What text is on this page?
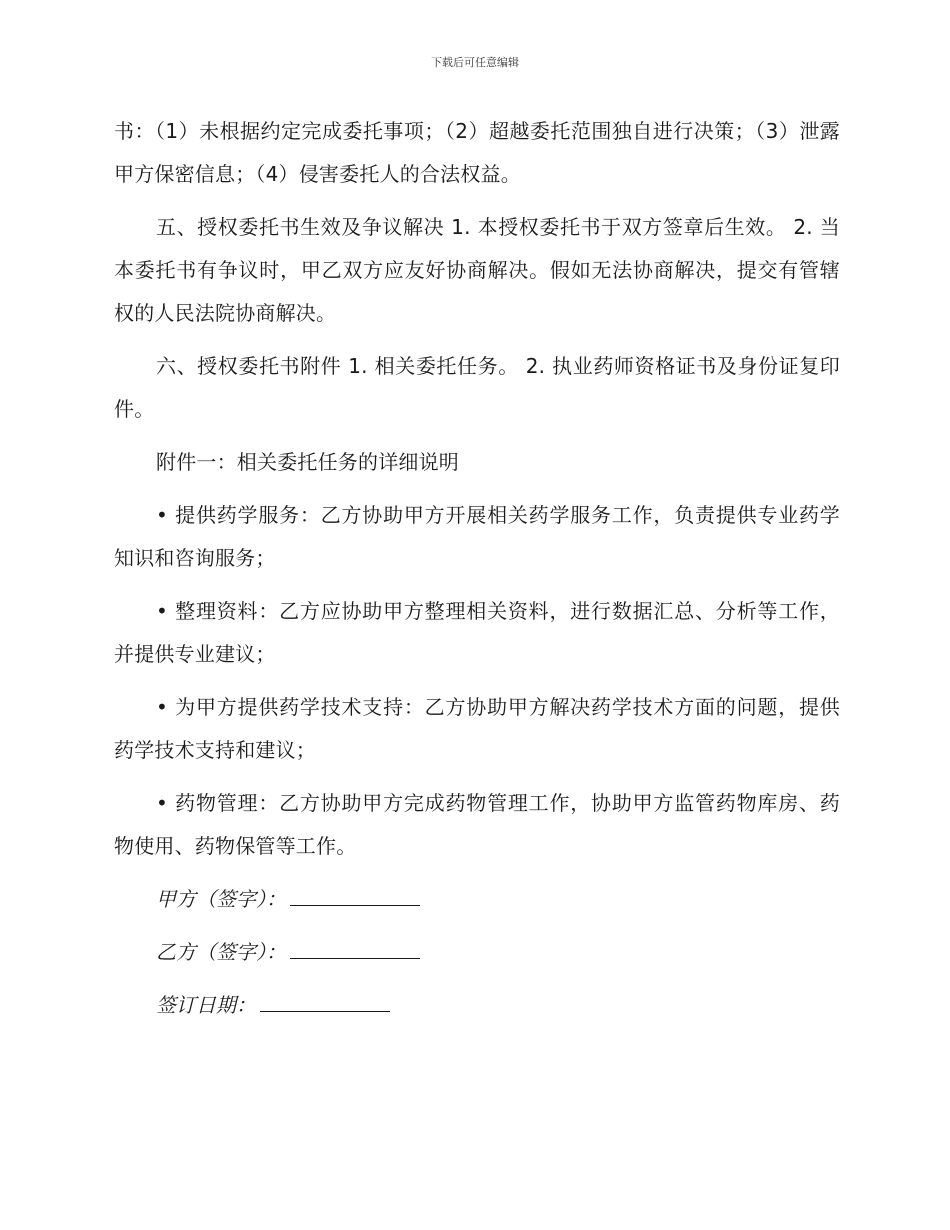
下载后可任意编辑

书：（1）未根据约定完成委托事项；（2）超越委托范围独自进行决策；（3）泄露甲方保密信息；（4）侵害委托人的合法权益。

五、授权委托书生效及争议解决 1. 本授权委托书于双方签章后生效。 2. 当本委托书有争议时，甲乙双方应友好协商解决。假如无法协商解决，提交有管辖权的人民法院协商解决。

六、授权委托书附件 1. 相关委托任务。 2. 执业药师资格证书及身份证复印件。

附件一：相关委托任务的详细说明

• 提供药学服务：乙方协助甲方开展相关药学服务工作，负责提供专业药学知识和咨询服务；

• 整理资料：乙方应协助甲方整理相关资料，进行数据汇总、分析等工作，并提供专业建议；

• 为甲方提供药学技术支持：乙方协助甲方解决药学技术方面的问题，提供药学技术支持和建议；

• 药物管理：乙方协助甲方完成药物管理工作，协助甲方监管药物库房、药物使用、药物保管等工作。

甲方（签字）：
乙方（签字）：
签订日期：
